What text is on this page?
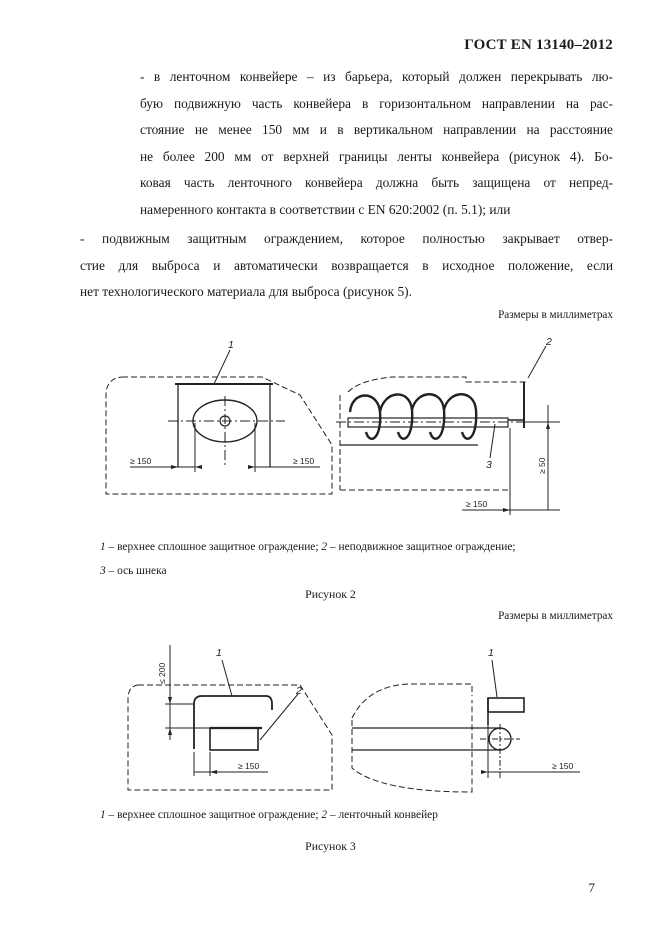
ГОСТ EN 13140–2012
- в ленточном конвейере – из барьера, который должен перекрывать лю-
бую подвижную часть конвейера в горизонтальном направлении на рас-
стояние не менее 150 мм и в вертикальном направлении на расстояние
не более 200 мм от верхней границы ленты конвейера (рисунок 4). Бо-
ковая часть ленточного конвейера должна быть защищена от непред-
намеренного контакта в соответствии с EN 620:2002 (п. 5.1); или
- подвижным защитным ограждением, которое полностью закрывает отвер-
стие для выброса и автоматически возвращается в исходное положение, если
нет технологического материала для выброса (рисунок 5).
Размеры в миллиметрах
1	2
3
≥ 150	≥ 150	≥ 50
≥ 150
1 – верхнее сплошное защитное ограждение; 2 – неподвижное защитное ограждение;
3 – ось шнека
Рисунок 2
Размеры в миллиметрах
1
2
1
≤ 200
≥ 150	≥ 150
1 – верхнее сплошное защитное ограждение; 2 – ленточный конвейер
Рисунок 3
7
